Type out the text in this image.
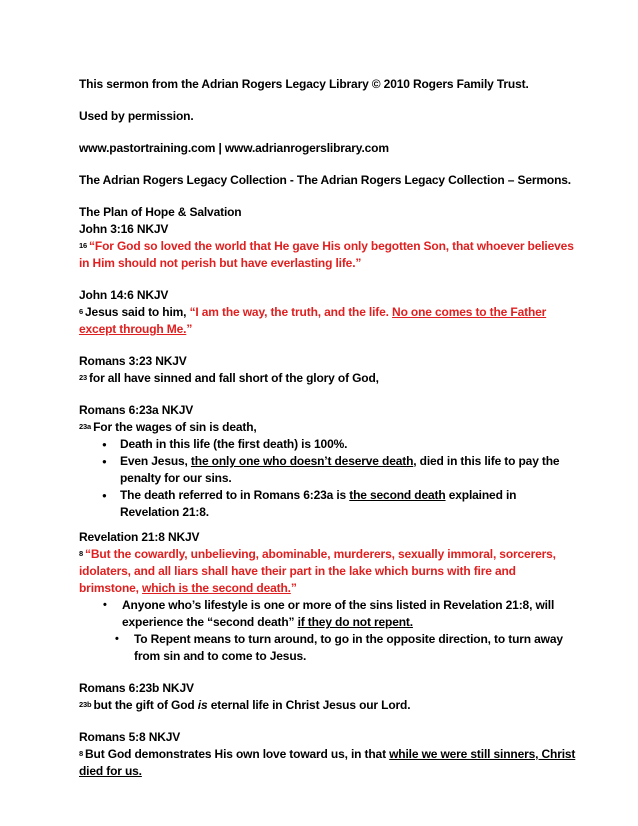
This sermon from the Adrian Rogers Legacy Library © 2010 Rogers Family Trust.

Used by permission.

www.pastortraining.com | www.adrianrogerslibrary.com

The Adrian Rogers Legacy Collection - The Adrian Rogers Legacy Collection – Sermons.

The Plan of Hope & Salvation

John 3:16 NKJV

$^{16}$ “For God so loved the world that He gave His only begotten Son, that whoever believes in Him should not perish but have everlasting life.”

John 14:6 NKJV

$^6$ Jesus said to him, “I am the way, the truth, and the life. No one comes to the Father except through Me.”

Romans 3:23 NKJV

$^{23}$ for all have sinned and fall short of the glory of God,

Romans 6:23a NKJV

$^{23a}$ For the wages of sin is death,

● Death in this life (the first death) is 100%.
● Even Jesus, the only one who doesn’t deserve death, died in this life to pay the penalty for our sins.
● The death referred to in Romans 6:23a is the second death explained in Revelation 21:8.

Revelation 21:8 NKJV

$^8$ “But the cowardly, unbelieving, abominable, murderers, sexually immoral, sorcerers, idolaters, and all liars shall have their part in the lake which burns with fire and brimstone, which is the second death.”

• Anyone who’s lifestyle is one or more of the sins listed in Revelation 21:8, will experience the “second death” if they do not repent.
• To Repent means to turn around, to go in the opposite direction, to turn away from sin and to come to Jesus.

Romans 6:23b NKJV

$^{23b}$ but the gift of God is eternal life in Christ Jesus our Lord.

Romans 5:8 NKJV

$^8$ But God demonstrates His own love toward us, in that while we were still sinners, Christ died for us.
